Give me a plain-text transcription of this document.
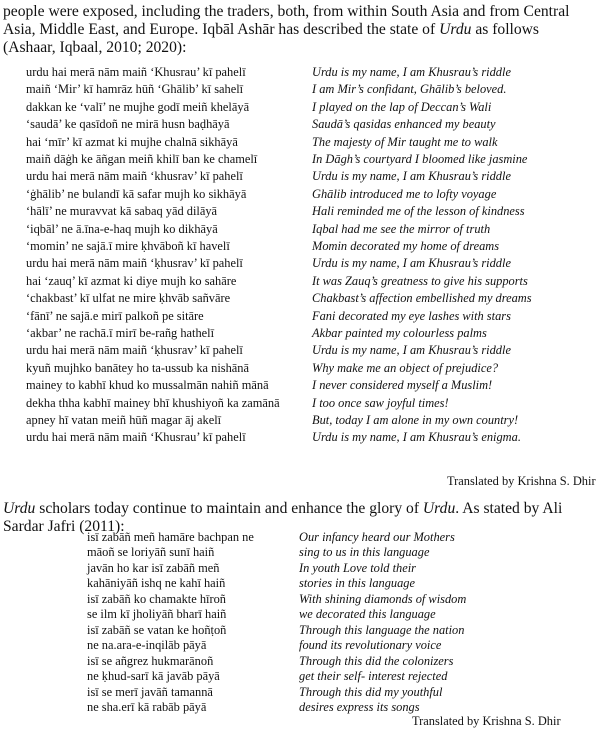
people were exposed, including the traders, both, from within South Asia and from Central
Asia, Middle East, and Europe. Iqbāl Ashār has described the state of Urdu as follows
(Ashaar, Iqbaal, 2010; 2020):
urdu hai merā nām maiñ ‘Khusrau’ kī pahelī
maiñ ‘Mir’ kī hamrāz hūñ ‘Ghālib’ kī sahelī
dakkan ke ‘valī’ ne mujhe godī meiñ khelāyā
‘saudā’ ke qasīdoñ ne mirā husn baḍhāyā
hai ‘mīr’ kī azmat ki mujhe chalnā sikhāyā
maiñ dāġh ke āñgan meiñ khilī ban ke chamelī
urdu hai merā nām maiñ ‘khusrav’ kī pahelī
‘ġhālib’ ne bulandī kā safar mujh ko sikhāyā
‘hālī’ ne muravvat kā sabaq yād dilāyā
‘iqbāl’ ne ā.īna-e-haq mujh ko dikhāyā
‘momin’ ne sajā.ī mire ḳhvāboñ kī havelī
urdu hai merā nām maiñ ‘ḳhusrav’ kī pahelī
hai ‘zauq’ kī azmat ki diye mujh ko sahāre
‘chakbast’ kī ulfat ne mire ḳhvāb sañvāre
‘fānī’ ne sajā.e mirī palkoñ pe sitāre
‘akbar’ ne rachā.ī mirī be-rañg hathelī
urdu hai merā nām maiñ ‘ḳhusrav’ kī pahelī
kyuñ mujhko banātey ho ta-ussub ka nishānā
mainey to kabhī khud ko mussalmān nahiñ mānā
dekha thha kabhī mainey bhī khushiyoñ ka zamānā
apney hī vatan meiñ hūñ magar āj akelī
urdu hai merā nām maiñ ‘Khusrau’ kī pahelī
Urdu is my name, I am Khusrau’s riddle
I am Mir’s confidant, Ghālib’s beloved.
I played on the lap of Deccan’s Wali
Saudā’s qasidas enhanced my beauty
The majesty of Mir taught me to walk
In Dāgh’s courtyard I bloomed like jasmine
Urdu is my name, I am Khusrau’s riddle
Ghālib introduced me to lofty voyage
Hali reminded me of the lesson of kindness
Iqbal had me see the mirror of truth
Momin decorated my home of dreams
Urdu is my name, I am Khusrau’s riddle
It was Zauq’s greatness to give his supports
Chakbast’s affection embellished my dreams
Fani decorated my eye lashes with stars
Akbar painted my colourless palms
Urdu is my name, I am Khusrau’s riddle
Why make me an object of prejudice?
I never considered myself a Muslim!
I too once saw joyful times!
But, today I am alone in my own country!
Urdu is my name, I am Khusrau’s enigma.
Translated by Krishna S. Dhir
Urdu scholars today continue to maintain and enhance the glory of Urdu. As stated by Ali
Sardar Jafri (2011):
isī zabāñ meñ hamāre bachpan ne
māoñ se loriyāñ sunī haiñ
javān ho kar isī zabāñ meñ
kahāniyāñ ishq ne kahī haiñ
isī zabāñ ko chamakte hīroñ
se ilm kī jholiyāñ bharī haiñ
isī zabāñ se vatan ke hoñṭoñ
ne na.ara-e-inqilāb pāyā
isī se añgrez hukmarānoñ
ne ḳhud-sarī kā javāb pāyā
isī se merī javāñ tamannā
ne sha.erī kā rabāb pāyā
Our infancy heard our Mothers
sing to us in this language
In youth Love told their
stories in this language
With shining diamonds of wisdom
we decorated this language
Through this language the nation
found its revolutionary voice
Through this did the colonizers
get their self- interest rejected
Through this did my youthful
desires express its songs
Translated by Krishna S. Dhir
